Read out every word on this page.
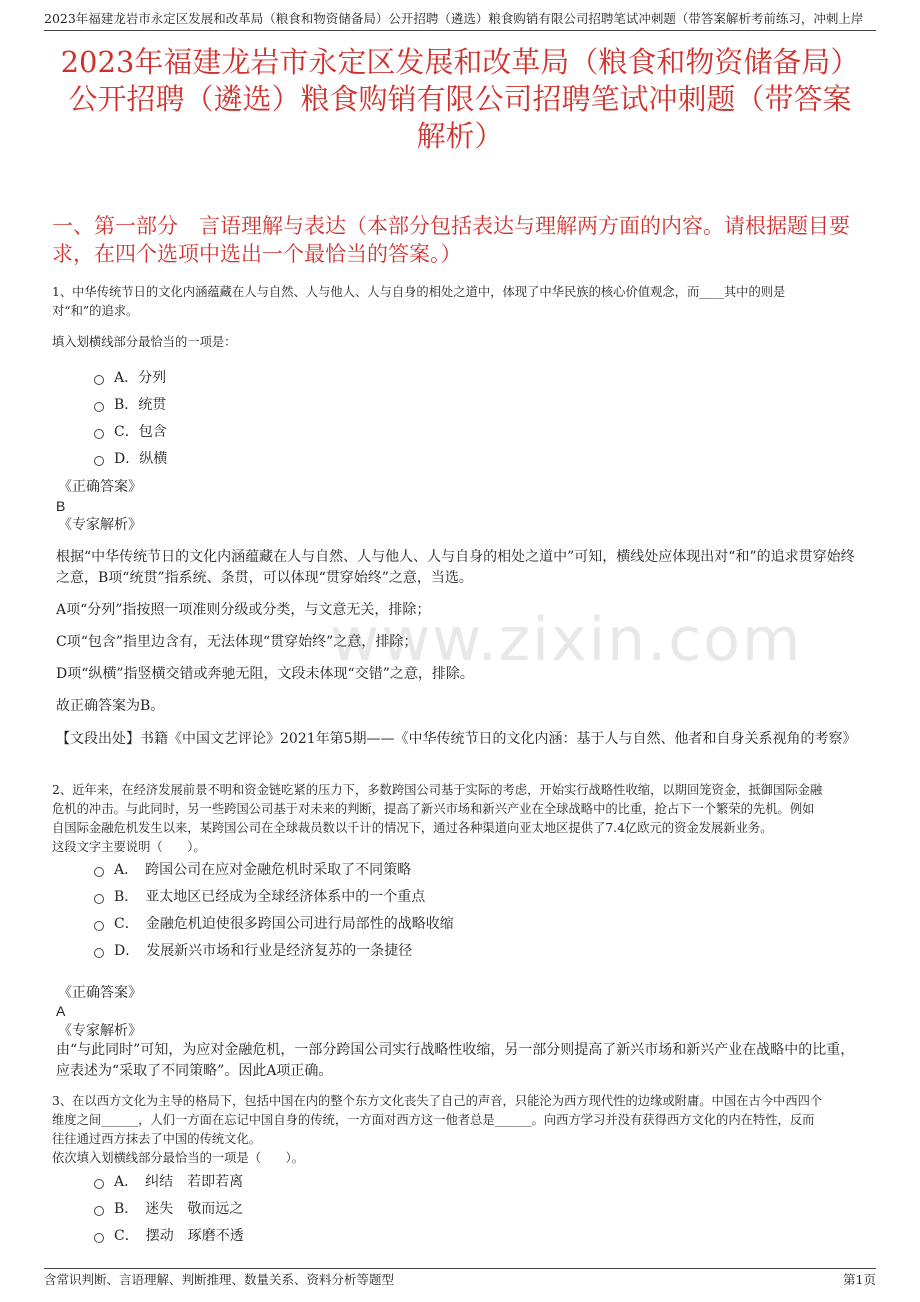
2023年福建龙岩市永定区发展和改革局（粮食和物资储备局）公开招聘（遴选）粮食购销有限公司招聘笔试冲刺题（带答案解析考前练习，冲刺上岸
2023年福建龙岩市永定区发展和改革局（粮食和物资储备局）
公开招聘（遴选）粮食购销有限公司招聘笔试冲刺题（带答案
解析）
www.zixin.com
一、第一部分　言语理解与表达（本部分包括表达与理解两方面的内容。请根据题目要求，在四个选项中选出一个最恰当的答案。）
1、中华传统节日的文化内涵蕴藏在人与自然、人与他人、人与自身的相处之道中，体现了中华民族的核心价值观念，而____其中的则是
对“和”的追求。
填入划横线部分最恰当的一项是：
A．分列
B．统贯
C．包含
D．纵横
《正确答案》
B
《专家解析》
根据“中华传统节日的文化内涵蕴藏在人与自然、人与他人、人与自身的相处之道中”可知，横线处应体现出对“和”的追求贯穿始终之意，B项“统贯”指系统、条贯，可以体现“贯穿始终”之意，当选。
A项“分列”指按照一项准则分级或分类，与文意无关，排除；
C项“包含”指里边含有，无法体现“贯穿始终”之意，排除；
D项“纵横”指竖横交错或奔驰无阻，文段未体现“交错”之意，排除。
故正确答案为B。
【文段出处】书籍《中国文艺评论》2021年第5期——《中华传统节日的文化内涵：基于人与自然、他者和自身关系视角的考察》
2、近年来，在经济发展前景不明和资金链吃紧的压力下，多数跨国公司基于实际的考虑，开始实行战略性收缩，以期回笼资金，抵御国际金融
危机的冲击。与此同时，另一些跨国公司基于对未来的判断，提高了新兴市场和新兴产业在全球战略中的比重，抢占下一个繁荣的先机。例如
自国际金融危机发生以来，某跨国公司在全球裁员数以千计的情况下，通过各种渠道向亚太地区提供了7.4亿欧元的资金发展新业务。
这段文字主要说明（　　）。
A．　跨国公司在应对金融危机时采取了不同策略
B．　亚太地区已经成为全球经济体系中的一个重点
C．　金融危机迫使很多跨国公司进行局部性的战略收缩
D．　发展新兴市场和行业是经济复苏的一条捷径
《正确答案》
A
《专家解析》
由“与此同时”可知，为应对金融危机，一部分跨国公司实行战略性收缩，另一部分则提高了新兴市场和新兴产业在战略中的比重，应表述为“采取了不同策略”。因此A项正确。
3、在以西方文化为主导的格局下，包括中国在内的整个东方文化丧失了自己的声音，只能沦为西方现代性的边缘或附庸。中国在古今中西四个
维度之间______，人们一方面在忘记中国自身的传统，一方面对西方这一他者总是______。向西方学习并没有获得西方文化的内在特性，反而
往往通过西方抹去了中国的传统文化。
依次填入划横线部分最恰当的一项是（　　）。
A．　纠结　若即若离
B．　迷失　敬而远之
C．　摆动　琢磨不透
含常识判断、言语理解、判断推理、数量关系、资料分析等题型	第1页
